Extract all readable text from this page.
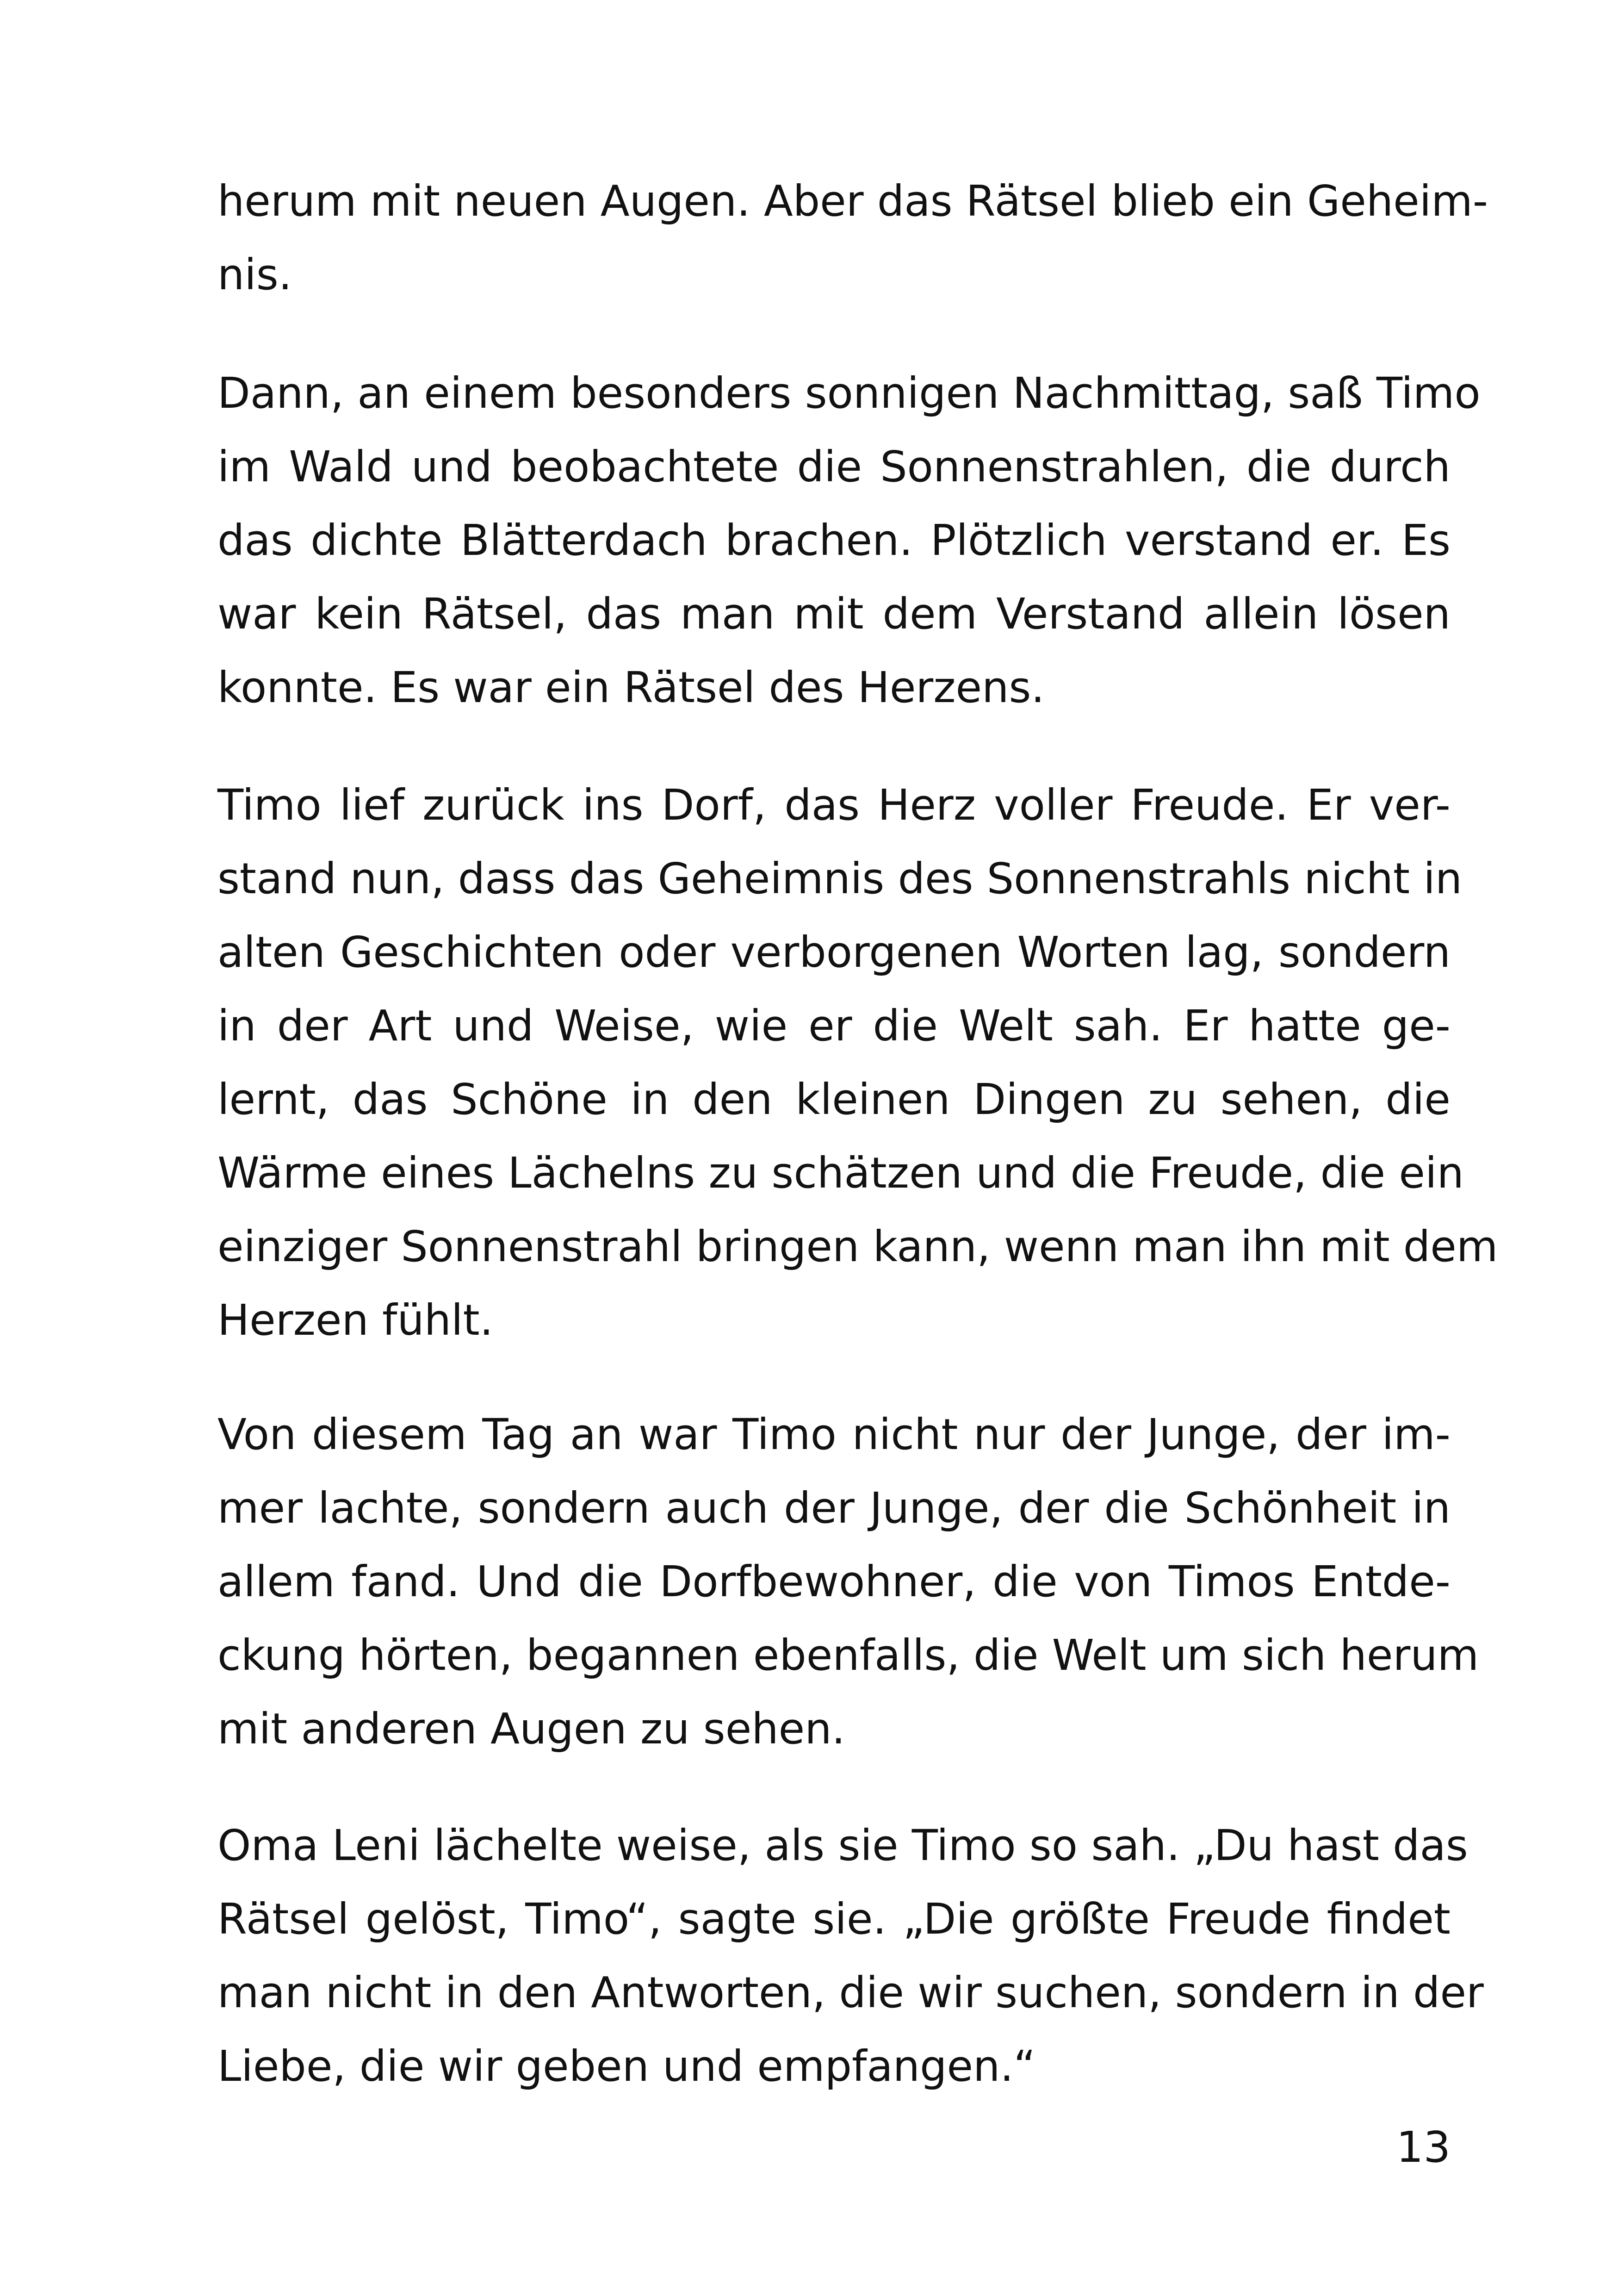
herum mit neuen Augen. Aber das Rätsel blieb ein Geheim-
nis.
Dann, an einem besonders sonnigen Nachmittag, saß Timo
im Wald und beobachtete die Sonnenstrahlen, die durch
das dichte Blätterdach brachen. Plötzlich verstand er. Es
war kein Rätsel, das man mit dem Verstand allein lösen
konnte. Es war ein Rätsel des Herzens.
Timo lief zurück ins Dorf, das Herz voller Freude. Er ver-
stand nun, dass das Geheimnis des Sonnenstrahls nicht in
alten Geschichten oder verborgenen Worten lag, sondern
in der Art und Weise, wie er die Welt sah. Er hatte ge-
lernt, das Schöne in den kleinen Dingen zu sehen, die
Wärme eines Lächelns zu schätzen und die Freude, die ein
einziger Sonnenstrahl bringen kann, wenn man ihn mit dem
Herzen fühlt.
Von diesem Tag an war Timo nicht nur der Junge, der im-
mer lachte, sondern auch der Junge, der die Schönheit in
allem fand. Und die Dorfbewohner, die von Timos Entde-
ckung hörten, begannen ebenfalls, die Welt um sich herum
mit anderen Augen zu sehen.
Oma Leni lächelte weise, als sie Timo so sah. „Du hast das
Rätsel gelöst, Timo“, sagte sie. „Die größte Freude findet
man nicht in den Antworten, die wir suchen, sondern in der
Liebe, die wir geben und empfangen.“
13
